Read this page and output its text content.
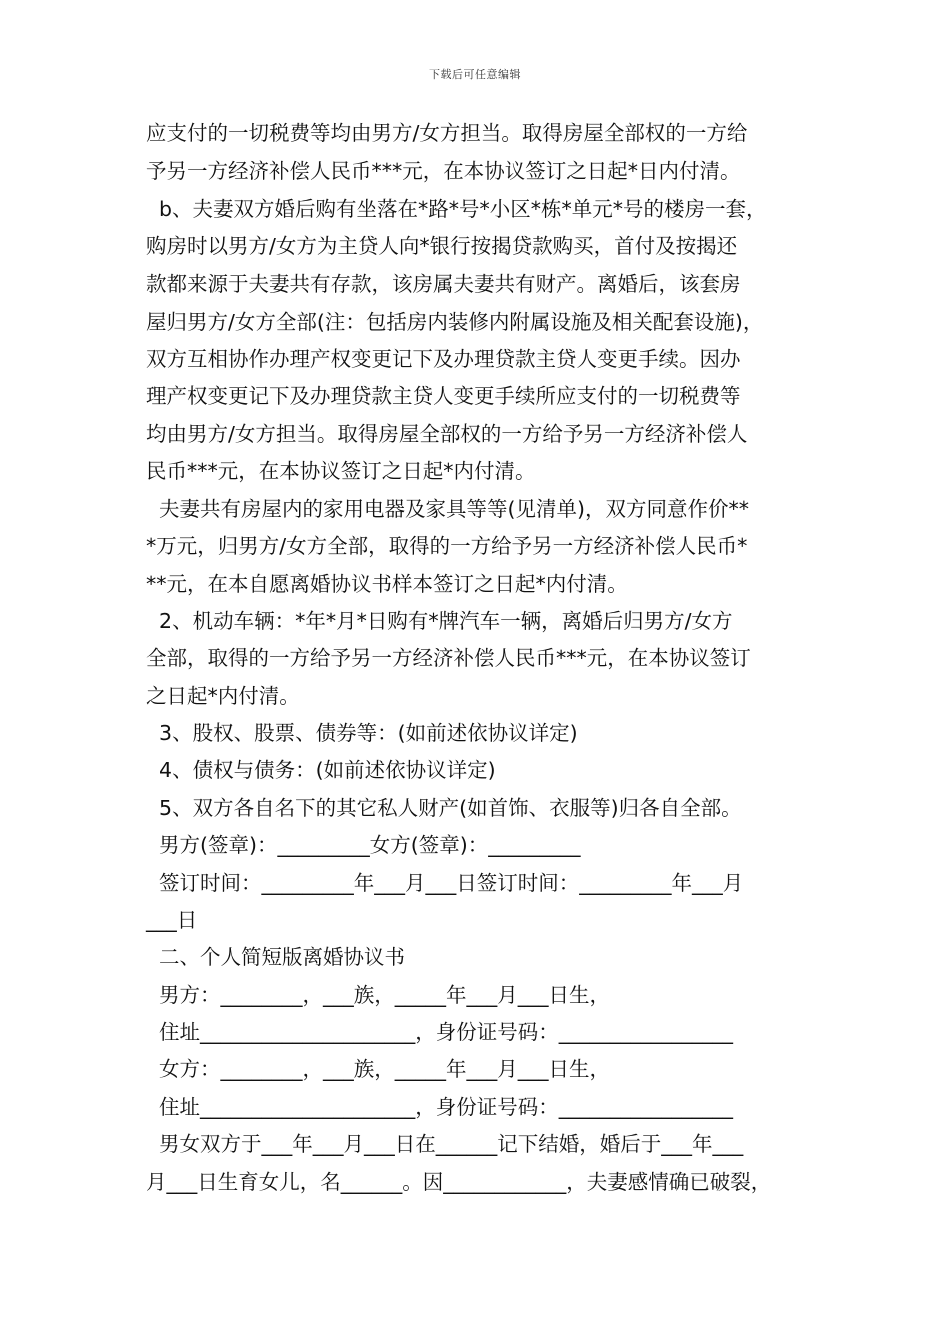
下载后可任意编辑
应支付的一切税费等均由男方/女方担当。取得房屋全部权的一方给
予另一方经济补偿人民币***元，在本协议签订之日起*日内付清。
b、夫妻双方婚后购有坐落在*路*号*小区*栋*单元*号的楼房一套，
购房时以男方/女方为主贷人向*银行按揭贷款购买，首付及按揭还
款都来源于夫妻共有存款，该房属夫妻共有财产。离婚后，该套房
屋归男方/女方全部(注：包括房内装修内附属设施及相关配套设施)，
双方互相协作办理产权变更记下及办理贷款主贷人变更手续。因办
理产权变更记下及办理贷款主贷人变更手续所应支付的一切税费等
均由男方/女方担当。取得房屋全部权的一方给予另一方经济补偿人
民币***元，在本协议签订之日起*内付清。
夫妻共有房屋内的家用电器及家具等等(见清单)，双方同意作价**
*万元，归男方/女方全部，取得的一方给予另一方经济补偿人民币*
**元，在本自愿离婚协议书样本签订之日起*内付清。
2、机动车辆：*年*月*日购有*牌汽车一辆，离婚后归男方/女方
全部，取得的一方给予另一方经济补偿人民币***元，在本协议签订
之日起*内付清。
3、股权、股票、债券等：(如前述依协议详定)
4、债权与债务：(如前述依协议详定)
5、双方各自名下的其它私人财产(如首饰、衣服等)归各自全部。
男方(签章)：_________女方(签章)：_________
签订时间：_________年___月___日签订时间：_________年___月
___日
二、个人简短版离婚协议书
男方：________，___族，_____年___月___日生，
住址_____________________，身份证号码：_________________
女方：________，___族，_____年___月___日生，
住址_____________________，身份证号码：_________________
男女双方于___年___月___日在______记下结婚，婚后于___年___
月___日生育女儿，名______。因____________，夫妻感情确已破裂，
